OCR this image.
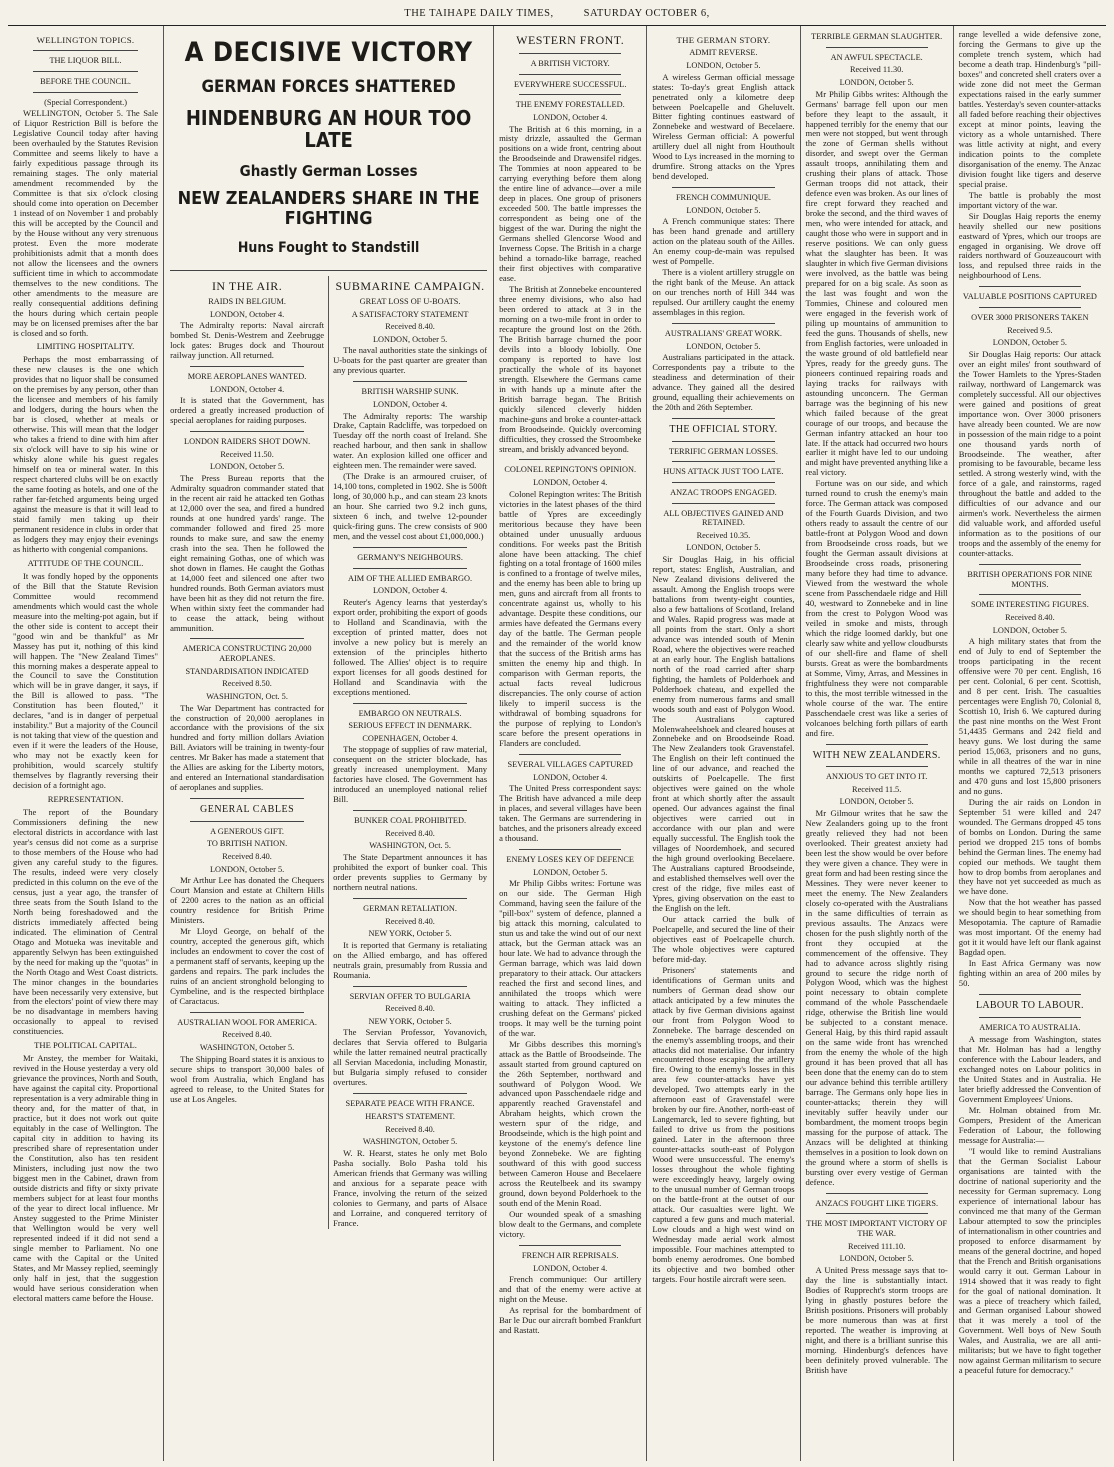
THE TAIHAPE DAILY TIMES,	SATURDAY OCTOBER 6,
WELLINGTON TOPICS.
THE LIQUOR BILL.
BEFORE THE COUNCIL.
(Special Correspondent.)

WELLINGTON, October 5. The Sale of Liquor Restriction Bill is before the Legislative Council today after having been overhauled by the Statutes Revision Committee and seems likely to have a fairly expeditious passage through its remaining stages. The only material amendment recommended by the Committee is that six o'clock closing should come into operation on December 1 instead of on November 1 and probably this will be accepted by the Council and by the House without any very strenuous protest. Even the more moderate prohibitionists admit that a month does not allow the licensees and the owners sufficient time in which to accommodate themselves to the new conditions. The other amendments to the measure are really consequential additions defining the hours during which certain people may be on licensed premises after the bar is closed and so forth.

LIMITING HOSPITALITY.

Perhaps the most embarrassing of these new clauses is the one which provides that no liquor shall be consumed on the premises by any person, other than the licensee and members of his family and lodgers, during the hours when the bar is closed, whether at meals or otherwise. This will mean that the lodger who takes a friend to dine with him after six o'clock will have to sip his wine or whisky alone while his guest regales himself on tea or mineral water. In this respect chartered clubs will be on exactly the same footing as hotels, and one of the rather far-fetched arguments being urged against the measure is that it will lead to staid family men taking up their permanent residence in clubs in order that as lodgers they may enjoy their evenings as hitherto with congenial companions.

ATTITUDE OF THE COUNCIL.

It was fondly hoped by the opponents of the Bill that the Statute Revision Committee would recommend amendments which would cast the whole measure into the melting-pot again, but if the other side is content to accept their "good win and be thankful" as Mr Massey has put it, nothing of this kind will happen. The "New Zealand Times" this morning makes a desperate appeal to the Council to save the Constitution which will be in grave danger, it says, if the Bill is allowed to pass. "The Constitution has been flouted," it declares, "and is in danger of perpetual instability." But a majority of the Council is not taking that view of the question and even if it were the leaders of the House, who may not be exactly keen for prohibition, would scarcely stultify themselves by flagrantly reversing their decision of a fortnight ago.

REPRESENTATION.

The report of the Boundary Commissioners defining the new electoral districts in accordance with last year's census did not come as a surprise to those members of the House who had given any careful study to the figures. The results, indeed were very closely predicted in this column on the eve of the census, just a year ago, the transfer of three seats from the South Island to the North being foreshadowed and the districts immediately affected being indicated. The elimination of Central Otago and Motueka was inevitable and apparently Selwyn has been extinguished by the need for making up the "quotas" in the North Otago and West Coast districts. The minor changes in the boundaries have been necessarily very extensive, but from the electors' point of view there may be no disadvantage in members having occasionally to appeal to revised constituencies.

THE POLITICAL CAPITAL.

Mr Anstey, the member for Waitaki, revived in the House yesterday a very old grievance the provinces, North and South, have against the capital city. Proportional representation is a very admirable thing in theory and, for the matter of that, in practice, but it does not work out quite equitably in the case of Wellington. The capital city in addition to having its prescribed share of representation under the Constitution, also has ten resident Ministers, including just now the two biggest men in the Cabinet, drawn from outside districts and fifty or sixty private members subject for at least four months of the year to direct local influence. Mr Anstey suggested to the Prime Minister that Wellington would be very well represented indeed if it did not send a single member to Parliament. No one came with the Capital or the United States, and Mr Massey replied, seemingly only half in jest, that the suggestion would have serious consideration when electoral matters came before the House.

A DECISIVE VICTORY
GERMAN FORCES SHATTERED
HINDENBURG AN HOUR TOO LATE
Ghastly German Losses
NEW ZEALANDERS SHARE IN THE FIGHTING
Huns Fought to Standstill
IN THE AIR.
RAIDS IN BELGIUM.
LONDON, October 4.

The Admiralty reports: Naval aircraft bombed St. Denis-Westrem and Zeebrugge lock gates: Bruges dock and Thourout railway junction. All returned.

MORE AEROPLANES WANTED.
LONDON, October 4.

It is stated that the Government, has ordered a greatly increased production of special aeroplanes for raiding purposes.

LONDON RAIDERS SHOT DOWN.
Received 11.50.
LONDON, October 5.

The Press Bureau reports that the Admiralty squadron commander stated that in the recent air raid he attacked ten Gothas at 12,000 over the sea, and fired a hundred rounds at one hundred yards' range. The commander followed and fired 25 more rounds to make sure, and saw the enemy crash into the sea. Then he followed the eight remaining Gothas, one of which was shot down in flames. He caught the Gothas at 14,000 feet and silenced one after two hundred rounds. Both German aviators must have been hit as they did not return the fire. When within sixty feet the commander had to cease the attack, being without ammunition.

AMERICA CONSTRUCTING 20,000 AEROPLANES.
STANDARDISATION INDICATED
Received 8.50.
WASHINGTON, Oct. 5.

The War Department has contracted for the construction of 20,000 aeroplanes in accordance with the provisions of the six hundred and forty million dollars Aviation Bill. Aviators will be training in twenty-four centres. Mr Baker has made a statement that the Allies are asking for the Liberty motors, and entered an International standardisation of aeroplanes and supplies.

GENERAL CABLES
A GENEROUS GIFT.
TO BRITISH NATION.
Received 8.40.
LONDON, October 5.

Mr Arthur Lee has donated the Chequers Court Mansion and estate at Chiltern Hills of 2200 acres to the nation as an official country residence for British Prime Ministers.

Mr Lloyd George, on behalf of the country, accepted the generous gift, which includes an endowment to cover the cost of a permanent staff of servants, keeping up the gardens and repairs. The park includes the ruins of an ancient stronghold belonging to Cymbeline, and is the respected birthplace of Caractacus.

AUSTRALIAN WOOL FOR AMERICA.
Received 8.40.
WASHINGTON, October 5.

The Shipping Board states it is anxious to secure ships to transport 30,000 bales of wool from Australia, which England has agreed to release, to the United States for use at Los Angeles.

SUBMARINE CAMPAIGN.
GREAT LOSS OF U-BOATS.
A SATISFACTORY STATEMENT
Received 8.40.
LONDON, October 5.

The naval authorities state the sinkings of U-boats for the past quarter are greater than any previous quarter.

BRITISH WARSHIP SUNK.
LONDON, October 4.

The Admiralty reports: The warship Drake, Captain Radcliffe, was torpedoed on Tuesday off the north coast of Ireland. She reached harbour, and then sank in shallow water. An explosion killed one officer and eighteen men. The remainder were saved.

(The Drake is an armoured cruiser, of 14,100 tons, completed in 1902. She is 500ft long, of 30,000 h.p., and can steam 23 knots an hour. She carried two 9.2 inch guns, sixteen 6 inch, and twelve 12-pounder quick-firing guns. The crew consists of 900 men, and the vessel cost about £1,000,000.)

GERMANY'S NEIGHBOURS.
AIM OF THE ALLIED EMBARGO.
LONDON, October 4.

Reuter's Agency learns that yesterday's export order, prohibiting the export of goods to Holland and Scandinavia, with the exception of printed matter, does not involve a new policy but is merely an extension of the principles hitherto followed. The Allies' object is to require export licenses for all goods destined for Holland and Scandinavia with the exceptions mentioned.

EMBARGO ON NEUTRALS.
SERIOUS EFFECT IN DENMARK.
COPENHAGEN, October 4.

The stoppage of supplies of raw material, consequent on the stricter blockade, has greatly increased unemployment. Many factories have closed. The Government has introduced an unemployed national relief Bill.

BUNKER COAL PROHIBITED.
Received 8.40.
WASHINGTON, Oct. 5.

The State Department announces it has prohibited the export of bunker coal. This order prevents supplies to Germany by northern neutral nations.

GERMAN RETALIATION.
Received 8.40.
NEW YORK, October 5.

It is reported that Germany is retaliating on the Allied embargo, and has offered neutrals grain, presumably from Russia and Roumania.

SERVIAN OFFER TO BULGARIA
Received 8.40.
NEW YORK, October 5.

The Servian Professor, Yovanovich, declares that Servia offered to Bulgaria while the latter remained neutral practically all Servian Macedonia, including Monastir, but Bulgaria simply refused to consider overtures.

SEPARATE PEACE WITH FRANCE.
HEARST'S STATEMENT.
Received 8.40.
WASHINGTON, October 5.

W. R. Hearst, states he only met Bolo Pasha socially. Bolo Pasha told his American friends that Germany was willing and anxious for a separate peace with France, involving the return of the seized colonies to Germany, and parts of Alsace and Lorraine, and conquered territory of France.

WESTERN FRONT.
A BRITISH VICTORY.
EVERYWHERE SUCCESSFUL.
THE ENEMY FORESTALLED.
LONDON, October 4.

The British at 6 this morning, in a misty drizzle, assaulted the German positions on a wide front, centring about the Broodseinde and Drawensifel ridges. The Tommies at noon appeared to be carrying everything before them along the entire line of advance—over a mile deep in places. One group of prisoners exceeded 500. The battle impresses the correspondent as being one of the biggest of the war. During the night the Germans shelled Glencorse Wood and Inverness Copse. The British in a charge behind a tornado-like barrage, reached their first objectives with comparative ease.

The British at Zonnebeke encountered three enemy divisions, who also had been ordered to attack at 3 in the morning on a two-mile front in order to recapture the ground lost on the 26th. The British barrage churned the poor devils into a bloody lobiolly. One company is reported to have lost practically the whole of its bayonet strength. Elsewhere the Germans came in with hands up a minute after the British barrage began. The British quickly silenced cleverly hidden machine-guns and broke a counter-attack from Broodseinde. Quickly overcoming difficulties, they crossed the Stroombeke stream, and briskly advanced beyond.

COLONEL REPINGTON'S OPINION.
LONDON, October 4.

Colonel Repington writes: The British victories in the latest phases of the third battle of Ypres are exceedingly meritorious because they have been obtained under unusually arduous conditions. For weeks past the British alone have been attacking. The chief fighting on a total frontage of 1600 miles is confined to a frontage of twelve miles, and the enemy has been able to bring up men, guns and aircraft from all fronts to concentrate against us, wholly to his advantage. Despite these conditions, our armies have defeated the Germans every day of the battle. The German people and the remainder of the world know that the success of the British arms has smitten the enemy hip and thigh. In comparison with German reports, the actual facts reveal ludicrous discrepancies. The only course of action likely to imperil success is the withdrawal of bombing squadrons for the purpose of replying to London's scare before the present operations in Flanders are concluded.

SEVERAL VILLAGES CAPTURED
LONDON, October 4.

The United Press correspondent says: The British have advanced a mile deep in places, and several villages have been taken. The Germans are surrendering in batches, and the prisoners already exceed a thousand.

ENEMY LOSES KEY OF DEFENCE
LONDON, October 5.

Mr Philip Gibbs writes: Fortune was on our side. The German High Command, having seen the failure of the "pill-box" system of defence, planned a big attack this morning, calculated to stun us and take the wind out of our next attack, but the German attack was an hour late. We had to advance through the German barrage, which was laid down preparatory to their attack. Our attackers reached the first and second lines, and annihilated the troops which were waiting to attack. They inflicted a crushing defeat on the Germans' picked troops. It may well be the turning point of the war.

Mr Gibbs describes this morning's attack as the Battle of Broodseinde. The assault started from ground captured on the 26th September, northward and southward of Polygon Wood. We advanced upon Passchendaele ridge and apparently reached Gravenstafel and Abraham heights, which crown the western spur of the ridge, and Broodseinde, which is the high point and keystone of the enemy's defence line beyond Zonnebeke. We are fighting southward of this with good success between Cameron House and Becelaere across the Reutelbeek and its swampy ground, down beyond Polderhoek to the south end of the Menin Road.

Our wounded speak of a smashing blow dealt to the Germans, and complete victory.

FRENCH AIR REPRISALS.
LONDON, October 4.

French communique: Our artillery and that of the enemy were active at night on the Meuse.

As reprisal for the bombardment of Bar le Duc our aircraft bombed Frankfurt and Rastatt.

THE GERMAN STORY.
ADMIT REVERSE.
LONDON, October 5.

A wireless German official message states: To-day's great English attack penetrated only a kilometre deep between Poelcapelle and Gheluvelt. Bitter fighting continues eastward of Zonnebeke and westward of Becelaere. Wireless German official: A powerful artillery duel all night from Houthoult Wood to Lys increased in the morning to drumfire. Strong attacks on the Ypres bend developed.

FRENCH COMMUNIQUE.
LONDON, October 5.

A French communique states: There has been hand grenade and artillery action on the plateau south of the Ailles. An enemy coup-de-main was repulsed west of Pompelle.

There is a violent artillery struggle on the right bank of the Meuse. An attack on our trenches north of Hill 344 was repulsed. Our artillery caught the enemy assemblages in this region.

AUSTRALIANS' GREAT WORK.
LONDON, October 5.

Australians participated in the attack. Correspondents pay a tribute to the steadiness and determination of their advance. They gained all the desired ground, equalling their achievements on the 20th and 26th September.

THE OFFICIAL STORY.
TERRIFIC GERMAN LOSSES.
HUNS ATTACK JUST TOO LATE.
ANZAC TROOPS ENGAGED.
ALL OBJECTIVES GAINED AND RETAINED.
Received 10.35.
LONDON, October 5.

Sir Douglas Haig, in his official report, states: English, Australian, and New Zealand divisions delivered the assault. Among the English troops were battalions from twenty-eight counties, also a few battalions of Scotland, Ireland and Wales. Rapid progress was made at all points from the start. Only a short advance was intended south of Menin Road, where the objectives were reached at an early hour. The English battalions north of the road carried after sharp fighting, the hamlets of Polderhoek and Polderhoek chateau, and expelled the enemy from numerous farms and small woods south and east of Polygon Wood. The Australians captured Molenwaheelshoek and cleared houses at Zonnebeke and on Broodseinde Road. The New Zealanders took Gravenstafel. The English on their left continued the line of our advance, and reached the outskirts of Poelcapelle. The first objectives were gained on the whole front at which shortly after the assault opened. Our advances against the final objectives were carried out in accordance with our plan and were equally successful. The English took the villages of Noordemhoek, and secured the high ground overlooking Becelaere. The Australians captured Broodseinde, and established themselves well over the crest of the ridge, five miles east of Ypres, giving observation on the east to the English on the left.

Our attack carried the bulk of Poelcapelle, and secured the line of their objectives east of Poelcapelle church. The whole objectives were captured before mid-day.

Prisoners' statements and identifications of German units and numbers of German dead show our attack anticipated by a few minutes the attack by five German divisions against our front from Polygon Wood to Zonnebeke. The barrage descended on the enemy's assembling troops, and their attacks did not materialise. Our infantry encountered those escaping the artillery fire. Owing to the enemy's losses in this area few counter-attacks have yet developed. Two attempts early in the afternoon east of Gravenstafel were broken by our fire. Another, north-east of Langemarck, led to severe fighting, but failed to drive us from the positions gained. Later in the afternoon three counter-attacks south-east of Polygon Wood were unsuccessful. The enemy's losses throughout the whole fighting were exceedingly heavy, largely owing to the unusual number of German troops on the battle-front at the outset of our attack. Our casualties were light. We captured a few guns and much material. Low clouds and a high west wind on Wednesday made aerial work almost impossible. Four machines attempted to bomb enemy aerodromes. One bombed its objective and two bombed other targets. Four hostile aircraft were seen.

TERRIBLE GERMAN SLAUGHTER.
AN AWFUL SPECTACLE.
Received 11.30.
LONDON, October 5.

Mr Philip Gibbs writes: Although the Germans' barrage fell upon our men before they leapt to the assault, it happened terribly for the enemy that our men were not stopped, but went through the zone of German shells without disorder, and swept over the German assault troops, annihilating them and crushing their plans of attack. Those German troops did not attack, their defence even was broken. As our lines of fire crept forward they reached and broke the second, and the third waves of men, who were intended for attack, and caught those who were in support and in reserve positions. We can only guess what the slaughter has been. It was slaughter in which five German divisions were involved, as the battle was being prepared for on a big scale. As soon as the last was fought and won the Tommies, Chinese and coloured men were engaged in the feverish work of piling up mountains of ammunition to feed the guns. Thousands of shells, new from English factories, were unloaded in the waste ground of old battlefield near Ypres, ready for the greedy guns. The pioneers continued repairing roads and laying tracks for railways with astounding unconcern. The German barrage was the beginning of his new which failed because of the great courage of our troops, and because the German infantry attacked an hour too late. If the attack had occurred two hours earlier it might have led to our undoing and might have prevented anything like a real victory.

Fortune was on our side, and which turned round to crush the enemy's main force. The German attack was composed of the Fourth Guards Division, and two others ready to assault the centre of our battle-front at Polygon Wood and down from Broodseinde cross roads, but we fought the German assault divisions at Broodseinde cross roads, prisonering many before they had time to advance. Viewed from the westward the whole scene from Passchendaele ridge and Hill 40, westward to Zonnebeke and in line from the crest to Polygon Wood was veiled in smoke and mists, through which the ridge loomed darkly, but one clearly saw white and yellow cloudbursts of our shell-fire and flame of shell bursts. Great as were the bombardments at Somme, Vimy, Arras, and Messines in frightfulness they were not comparable to this, the most terrible witnessed in the whole course of the war. The entire Passchendaele crest was like a series of volcanoes belching forth pillars of earth and fire.

WITH NEW ZEALANDERS.
ANXIOUS TO GET INTO IT.
Received 11.5.
LONDON, October 5.

Mr Gilmour writes that he saw the New Zealanders going up to the front greatly relieved they had not been overlooked. Their greatest anxiety had been lest the show would be over before they were given a chance. They were in great form and had been resting since the Messines. They were never keener to meet the enemy. The New Zealanders closely co-operated with the Australians in the same difficulties of terrain as previous assaults. The Anzacs were chosen for the push slightly north of the front they occupied at the commencement of the offensive. They had to advance across slightly rising ground to secure the ridge north of Polygon Wood, which was the highest point necessary to obtain complete command of the whole Passchendaele ridge, otherwise the British line would be subjected to a constant menace. General Haig, by this third rapid assault on the same wide front has wrenched from the enemy the whole of the high ground it has been proved that all has been done that the enemy can do to stem our advance behind this terrible artillery barrage. The Germans only hope lies in counter-attacks; therein they will inevitably suffer heavily under our bombardment, the moment troops begin massing for the purpose of attack. The Anzacs will be delighted at thinking themselves in a position to look down on the ground where a storm of shells is bursting over every vestige of German defence.

ANZACS FOUGHT LIKE TIGERS.
THE MOST IMPORTANT VICTORY OF THE WAR.
Received 111.10.
LONDON, October 5.

A United Press message says that to-day the line is substantially intact. Bodies of Rupprecht's storm troops are lying in ghastly postures before the British positions. Prisoners will probably be more numerous than was at first reported. The weather is improving at night, and there is a brilliant sunrise this morning. Hindenburg's defences have been definitely proved vulnerable. The British have

range levelled a wide defensive zone, forcing the Germans to give up the complete trench system, which had become a death trap. Hindenburg's "pill-boxes" and concreted shell craters over a wide zone did not meet the German expectations raised in the early summer battles. Yesterday's seven counter-attacks all faded before reaching their objectives except at minor points, leaving the victory as a whole untarnished. There was little activity at night, and every indication points to the complete disorganisation of the enemy. The Anzac division fought like tigers and deserve special praise.

The battle is probably the most important victory of the war.

Sir Douglas Haig reports the enemy heavily shelled our new positions eastward of Ypres, which our troops are engaged in organising. We drove off raiders northward of Gouzeaucourt with loss, and repulsed three raids in the neighbourhood of Lens.

VALUABLE POSITIONS CAPTURED
OVER 3000 PRISONERS TAKEN
Received 9.5.
LONDON, October 5.

Sir Douglas Haig reports: Our attack over an eight miles' front southward of the Tower Hamlets to the Ypres-Staden railway, northward of Langemarck was completely successful. All our objectives were gained and positions of great importance won. Over 3000 prisoners have already been counted. We are now in possession of the main ridge to a point one thousand yards north of Broodseinde. The weather, after promising to be favourable, became less settled. A strong westerly wind, with the force of a gale, and rainstorms, raged throughout the battle and added to the difficulties of our advance and our airmen's work. Nevertheless the airmen did valuable work, and afforded useful information as to the positions of our troops and the assembly of the enemy for counter-attacks.

BRITISH OPERATIONS FOR NINE MONTHS.
SOME INTERESTING FIGURES.
Received 8.40.
LONDON, October 5.

A high military states that from the end of July to end of September the troops participating in the recent offensive were 70 per cent. English, 16 per cent. Colonial, 6 per cent. Scottish, and 8 per cent. Irish. The casualties percentages were English 70, Colonial 8, Scottish 10, Irish 6. We captured during the past nine months on the West Front 51,4435 Germans and 242 field and heavy guns. We lost during the same period 15,063, prisoners and no guns, while in all theatres of the war in nine months we captured 72,513 prisoners and 470 guns and lost 15,800 prisoners and no guns.

During the air raids on London in September 51 were killed and 247 wounded. The Germans dropped 45 tons of bombs on London. During the same period we dropped 215 tons of bombs behind the German lines. The enemy had copied our methods. We taught them how to drop bombs from aeroplanes and they have not yet succeeded as much as we have done.

Now that the hot weather has passed we should begin to hear something from Mesopotamia. The capture of Ramadie was most important. Of the enemy had got it it would have left our flank against Bagdad open.

In East Africa Germany was now fighting within an area of 200 miles by 50.

LABOUR TO LABOUR.
AMERICA TO AUSTRALIA.

A message from Washington, states that Mr. Holman has had a lengthy conference with the Labour leaders, and exchanged notes on Labour politics in the United States and in Australia. He later briefly addressed the Convention of Government Employees' Unions.

Mr. Holman obtained from Mr. Gompers, President of the American Federation of Labour, the following message for Australia:—

"I would like to remind Australians that the German Socialist Labour organisations are tainted with the doctrine of national superiority and the necessity for German supremacy. Long experience of international labour has convinced me that many of the German Labour attempted to sow the principles of internationalism in other countries and proposed to enforce disarmament by means of the general doctrine, and hoped that the French and British organisations would carry it out. German Labour in 1914 showed that it was ready to fight for the goal of national domination. It was a piece of treachery which failed, and German organised Labour showed that it was merely a tool of the Government. Well boys of New South Wales, and Australia, we are all anti-militarists; but we have to fight together now against German militarism to secure a peaceful future for democracy."
